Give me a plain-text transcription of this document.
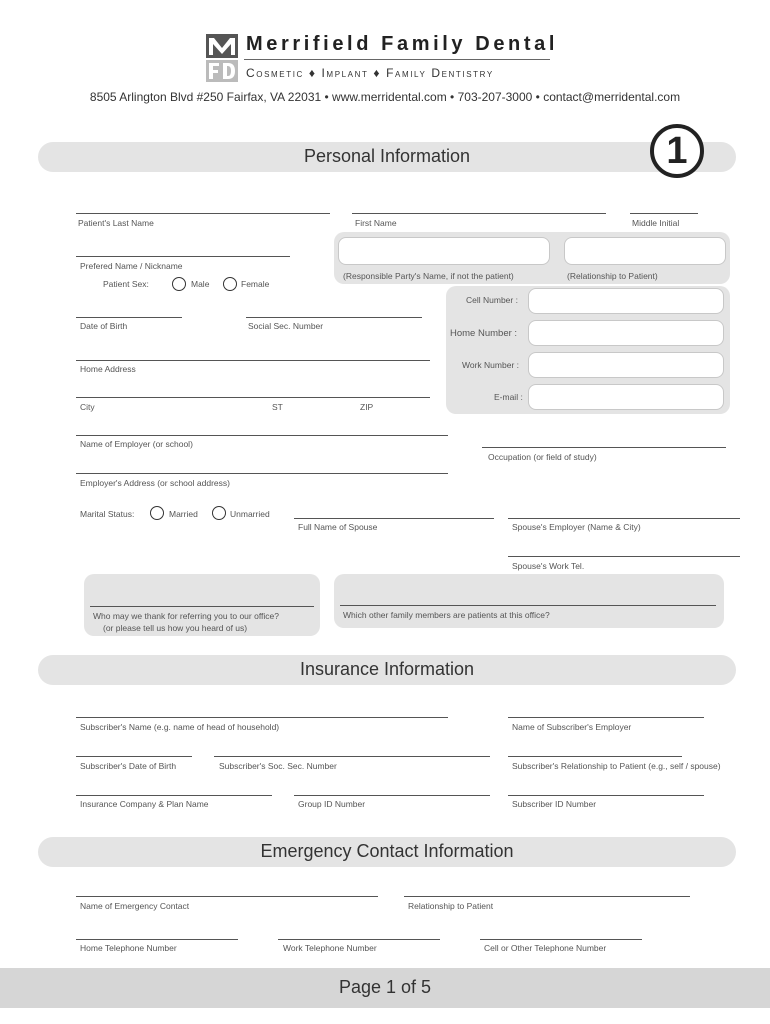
Merrifield Family Dental
Cosmetic ♦ Implant ♦ Family Dentistry
8505 Arlington Blvd #250 Fairfax, VA 22031 • www.merridental.com • 703-207-3000 • contact@merridental.com
Personal Information	1
Patient's Last Name	First Name	Middle Initial
Prefered Name / Nickname
Patient Sex:	Male	Female
(Responsible Party's Name, if not the patient)	(Relationship to Patient)
Cell Number :
Home Number :
Work Number :
E-mail :
Date of Birth	Social Sec. Number
Home Address
City	ST	ZIP
Name of Employer (or school)
Occupation (or field of study)
Employer's Address (or school address)
Marital Status:	Married	Unmarried
Full Name of Spouse	Spouse's Employer (Name & City)
Spouse's Work Tel.
Who may we thank for referring you to our office?
(or please tell us how you heard of us)
Which other family members are patients at this office?
Insurance Information
Subscriber's Name (e.g. name of head of household)	Name of Subscriber's Employer
Subscriber's Date of Birth	Subscriber's Soc. Sec. Number	Subscriber's Relationship to Patient (e.g., self / spouse)
Insurance Company & Plan Name	Group ID Number	Subscriber ID Number
Emergency Contact Information
Name of Emergency Contact	Relationship to Patient
Home Telephone Number	Work Telephone Number	Cell or Other Telephone Number
Page 1 of 5
